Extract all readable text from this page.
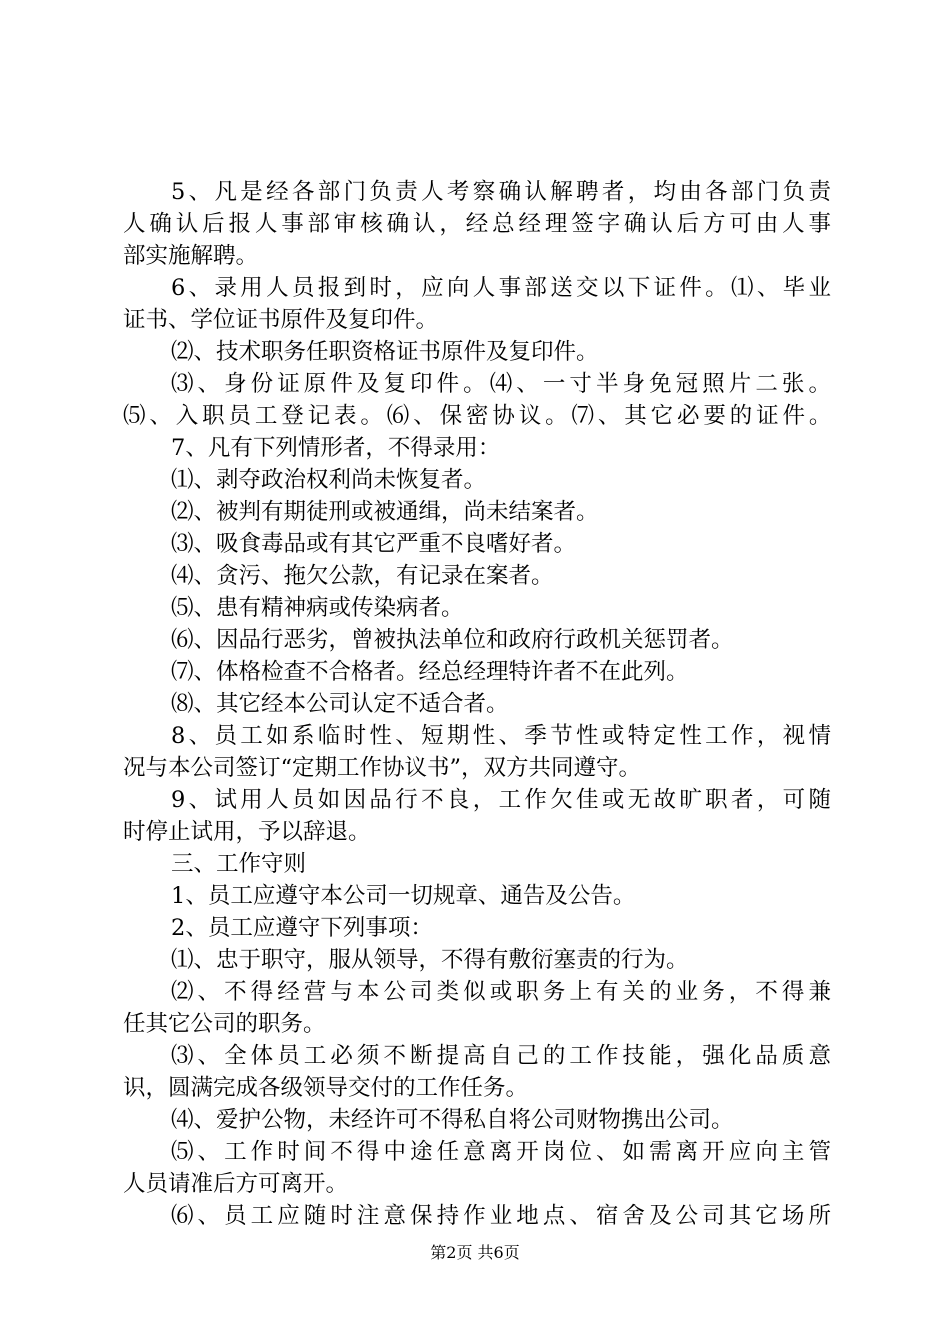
5、凡是经各部门负责人考察确认解聘者，均由各部门负责
人确认后报人事部审核确认，经总经理签字确认后方可由人事
部实施解聘。
6、录用人员报到时，应向人事部送交以下证件。⑴、毕业
证书、学位证书原件及复印件。
⑵、技术职务任职资格证书原件及复印件。
⑶、身份证原件及复印件。⑷、一寸半身免冠照片二张。
⑸、入职员工登记表。⑹、保密协议。⑺、其它必要的证件。
7、凡有下列情形者，不得录用：
⑴、剥夺政治权利尚未恢复者。
⑵、被判有期徒刑或被通缉，尚未结案者。
⑶、吸食毒品或有其它严重不良嗜好者。
⑷、贪污、拖欠公款，有记录在案者。
⑸、患有精神病或传染病者。
⑹、因品行恶劣，曾被执法单位和政府行政机关惩罚者。
⑺、体格检查不合格者。经总经理特许者不在此列。
⑻、其它经本公司认定不适合者。
8、员工如系临时性、短期性、季节性或特定性工作，视情
况与本公司签订“定期工作协议书”，双方共同遵守。
9、试用人员如因品行不良，工作欠佳或无故旷职者，可随
时停止试用，予以辞退。
三、工作守则
1、员工应遵守本公司一切规章、通告及公告。
2、员工应遵守下列事项：
⑴、忠于职守，服从领导，不得有敷衍塞责的行为。
⑵、不得经营与本公司类似或职务上有关的业务，不得兼
任其它公司的职务。
⑶、全体员工必须不断提高自己的工作技能，强化品质意
识，圆满完成各级领导交付的工作任务。
⑷、爱护公物，未经许可不得私自将公司财物携出公司。
⑸、工作时间不得中途任意离开岗位、如需离开应向主管
人员请准后方可离开。
⑹、员工应随时注意保持作业地点、宿舍及公司其它场所
第2页 共6页
